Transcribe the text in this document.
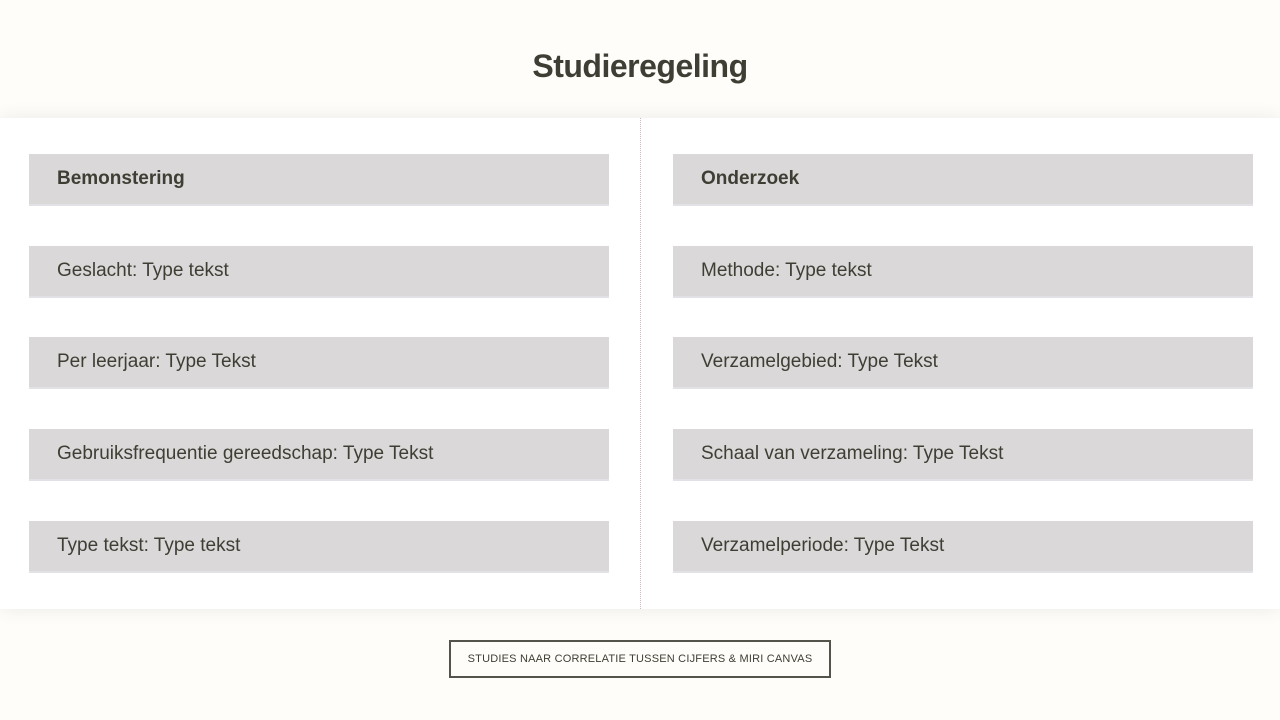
Studieregeling
Bemonstering
Geslacht: Type tekst
Per leerjaar: Type Tekst
Gebruiksfrequentie gereedschap: Type Tekst
Type tekst: Type tekst
Onderzoek
Methode: Type tekst
Verzamelgebied: Type Tekst
Schaal van verzameling: Type Tekst
Verzamelperiode: Type Tekst
STUDIES NAAR CORRELATIE TUSSEN CIJFERS & MIRI CANVAS
